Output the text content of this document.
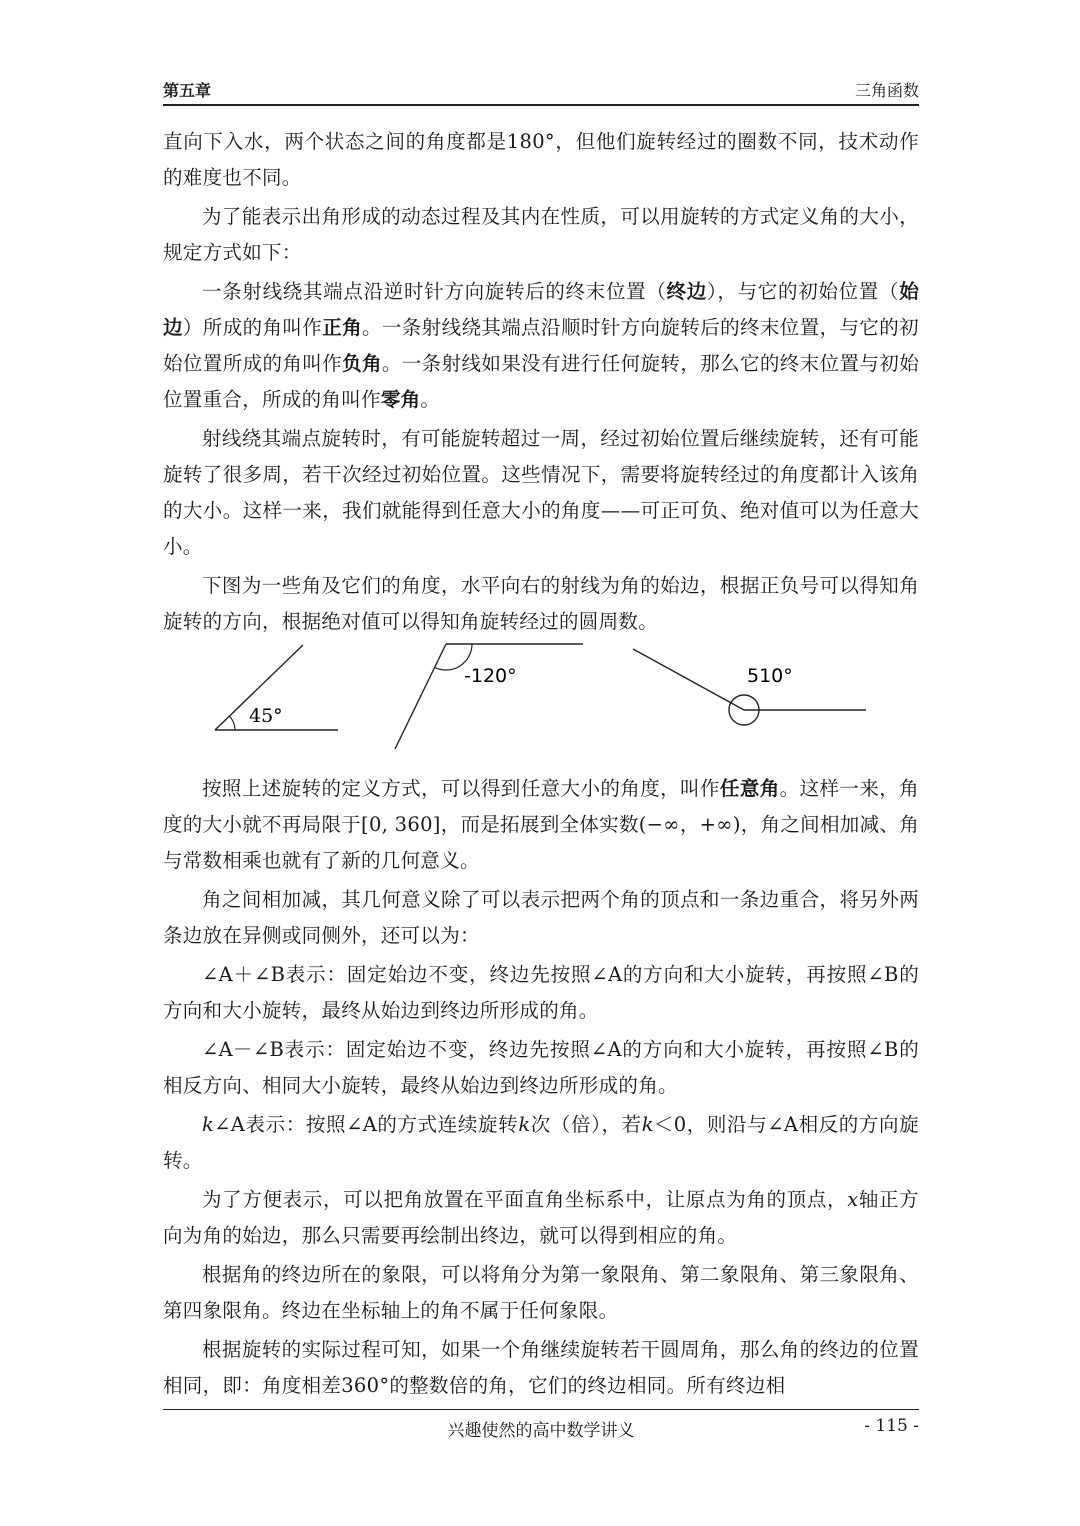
第五章	三角函数

直向下入水，两个状态之间的角度都是180°，但他们旋转经过的圈数不同，技术动作的难度也不同。

为了能表示出角形成的动态过程及其内在性质，可以用旋转的方式定义角的大小，规定方式如下：

一条射线绕其端点沿逆时针方向旋转后的终末位置（终边），与它的初始位置（始边）所成的角叫作正角。一条射线绕其端点沿顺时针方向旋转后的终末位置，与它的初始位置所成的角叫作负角。一条射线如果没有进行任何旋转，那么它的终末位置与初始位置重合，所成的角叫作零角。

射线绕其端点旋转时，有可能旋转超过一周，经过初始位置后继续旋转，还有可能旋转了很多周，若干次经过初始位置。这些情况下，需要将旋转经过的角度都计入该角的大小。这样一来，我们就能得到任意大小的角度——可正可负、绝对值可以为任意大小。

下图为一些角及它们的角度，水平向右的射线为角的始边，根据正负号可以得知角旋转的方向，根据绝对值可以得知角旋转经过的圆周数。

45°
-120°	510°

按照上述旋转的定义方式，可以得到任意大小的角度，叫作任意角。这样一来，角度的大小就不再局限于[0, 360]，而是拓展到全体实数(−∞，+∞)，角之间相加减、角与常数相乘也就有了新的几何意义。

角之间相加减，其几何意义除了可以表示把两个角的顶点和一条边重合，将另外两条边放在异侧或同侧外，还可以为：

∠A＋∠B表示：固定始边不变，终边先按照∠A的方向和大小旋转，再按照∠B的方向和大小旋转，最终从始边到终边所形成的角。

∠A－∠B表示：固定始边不变，终边先按照∠A的方向和大小旋转，再按照∠B的相反方向、相同大小旋转，最终从始边到终边所形成的角。

k∠A表示：按照∠A的方式连续旋转k次（倍），若k＜0，则沿与∠A相反的方向旋转。

为了方便表示，可以把角放置在平面直角坐标系中，让原点为角的顶点，x轴正方向为角的始边，那么只需要再绘制出终边，就可以得到相应的角。

根据角的终边所在的象限，可以将角分为第一象限角、第二象限角、第三象限角、第四象限角。终边在坐标轴上的角不属于任何象限。

根据旋转的实际过程可知，如果一个角继续旋转若干圆周角，那么角的终边的位置相同，即：角度相差360°的整数倍的角，它们的终边相同。所有终边相

兴趣使然的高中数学讲义	- 115 -
